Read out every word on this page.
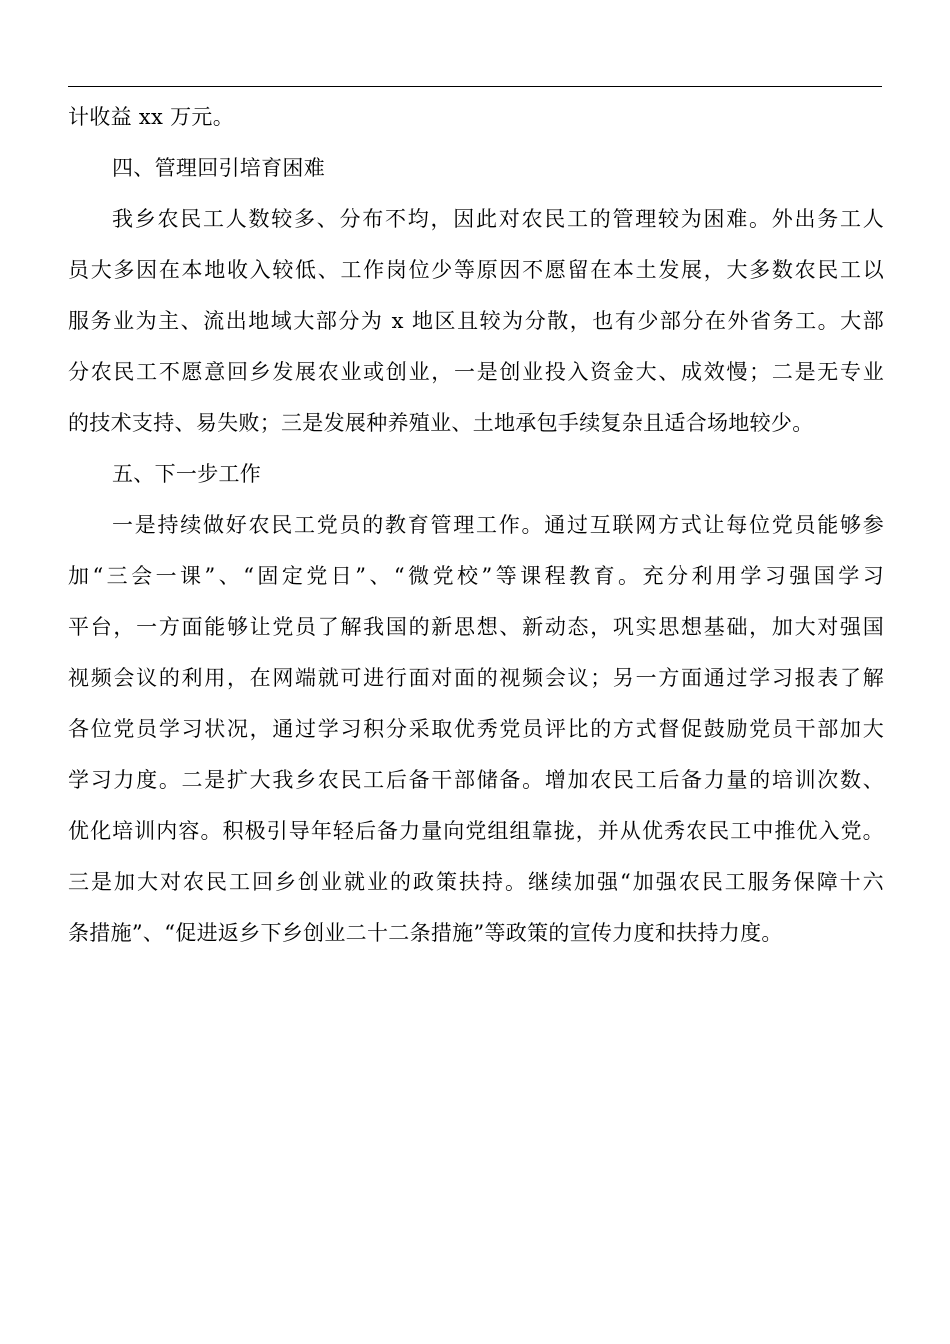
计收益 xx 万元。
四、管理回引培育困难
我乡农民工人数较多、分布不均，因此对农民工的管理较为困难。外出务工人
员大多因在本地收入较低、工作岗位少等原因不愿留在本土发展，大多数农民工以
服务业为主、流出地域大部分为 x 地区且较为分散，也有少部分在外省务工。大部
分农民工不愿意回乡发展农业或创业，一是创业投入资金大、成效慢；二是无专业
的技术支持、易失败；三是发展种养殖业、土地承包手续复杂且适合场地较少。
五、下一步工作
一是持续做好农民工党员的教育管理工作。通过互联网方式让每位党员能够参
加“三会一课”、“固定党日”、“微党校”等课程教育。充分利用学习强国学习
平台，一方面能够让党员了解我国的新思想、新动态，巩实思想基础，加大对强国
视频会议的利用，在网端就可进行面对面的视频会议；另一方面通过学习报表了解
各位党员学习状况，通过学习积分采取优秀党员评比的方式督促鼓励党员干部加大
学习力度。二是扩大我乡农民工后备干部储备。增加农民工后备力量的培训次数、
优化培训内容。积极引导年轻后备力量向党组组靠拢，并从优秀农民工中推优入党。
三是加大对农民工回乡创业就业的政策扶持。继续加强“加强农民工服务保障十六
条措施”、“促进返乡下乡创业二十二条措施”等政策的宣传力度和扶持力度。
